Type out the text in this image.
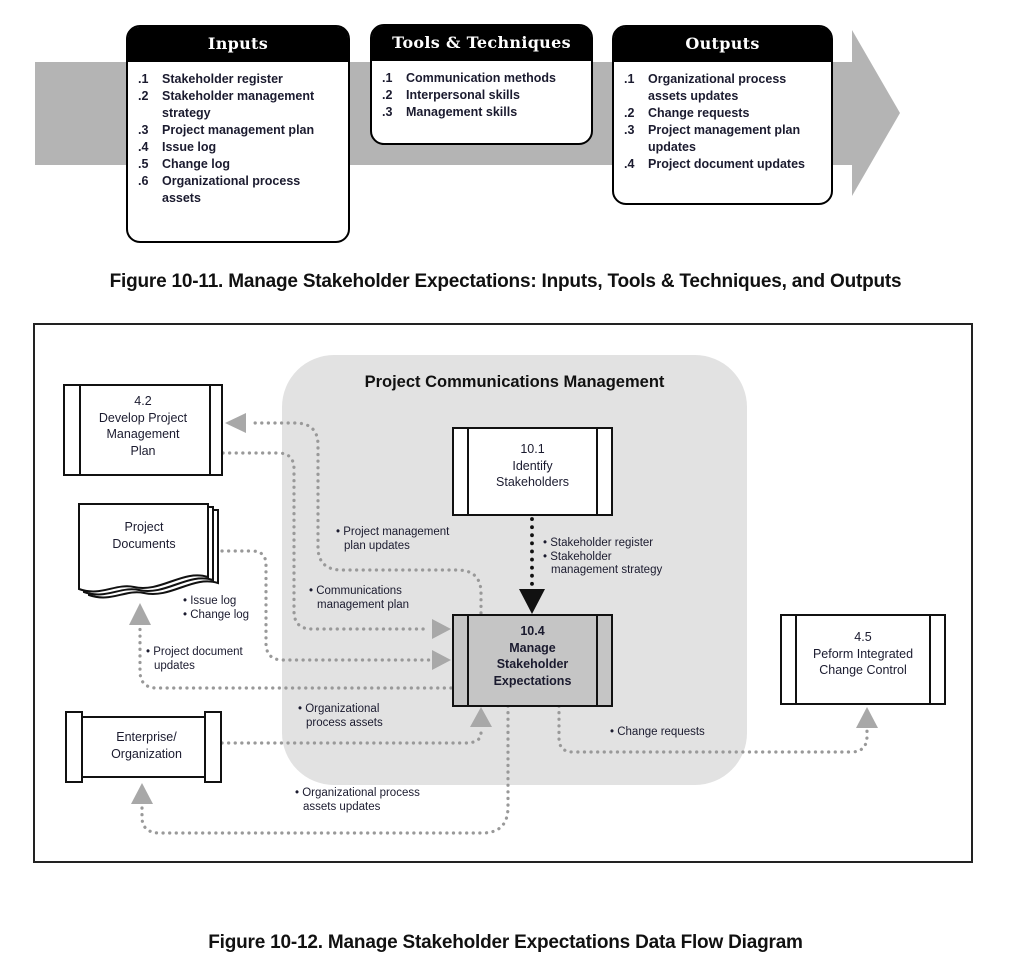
Inputs
.1	Stakeholder register
.2	Stakeholder management strategy
.3	Project management plan
.4	Issue log
.5	Change log
.6	Organizational process assets
Tools & Techniques
.1	Communication methods
.2	Interpersonal skills
.3	Management skills
Outputs
.1	Organizational process assets updates
.2	Change requests
.3	Project management plan updates
.4	Project document updates
Figure 10-11. Manage Stakeholder Expectations: Inputs, Tools & Techniques, and Outputs
Project Communications Management
4.2
Develop Project
Management
Plan	10.1
Identify
Stakeholders
10.4
Manage
Stakeholder
Expectations
4.5
Peform Integrated
Change Control
Project
Documents
Enterprise/
Organization
• Project management plan updates
• Communications management plan
• Stakeholder register
• Stakeholder management strategy
• Issue log
• Change log
• Project document updates
• Organizational process assets
• Change requests
• Organizational process assets updates
Figure 10-12. Manage Stakeholder Expectations Data Flow Diagram
